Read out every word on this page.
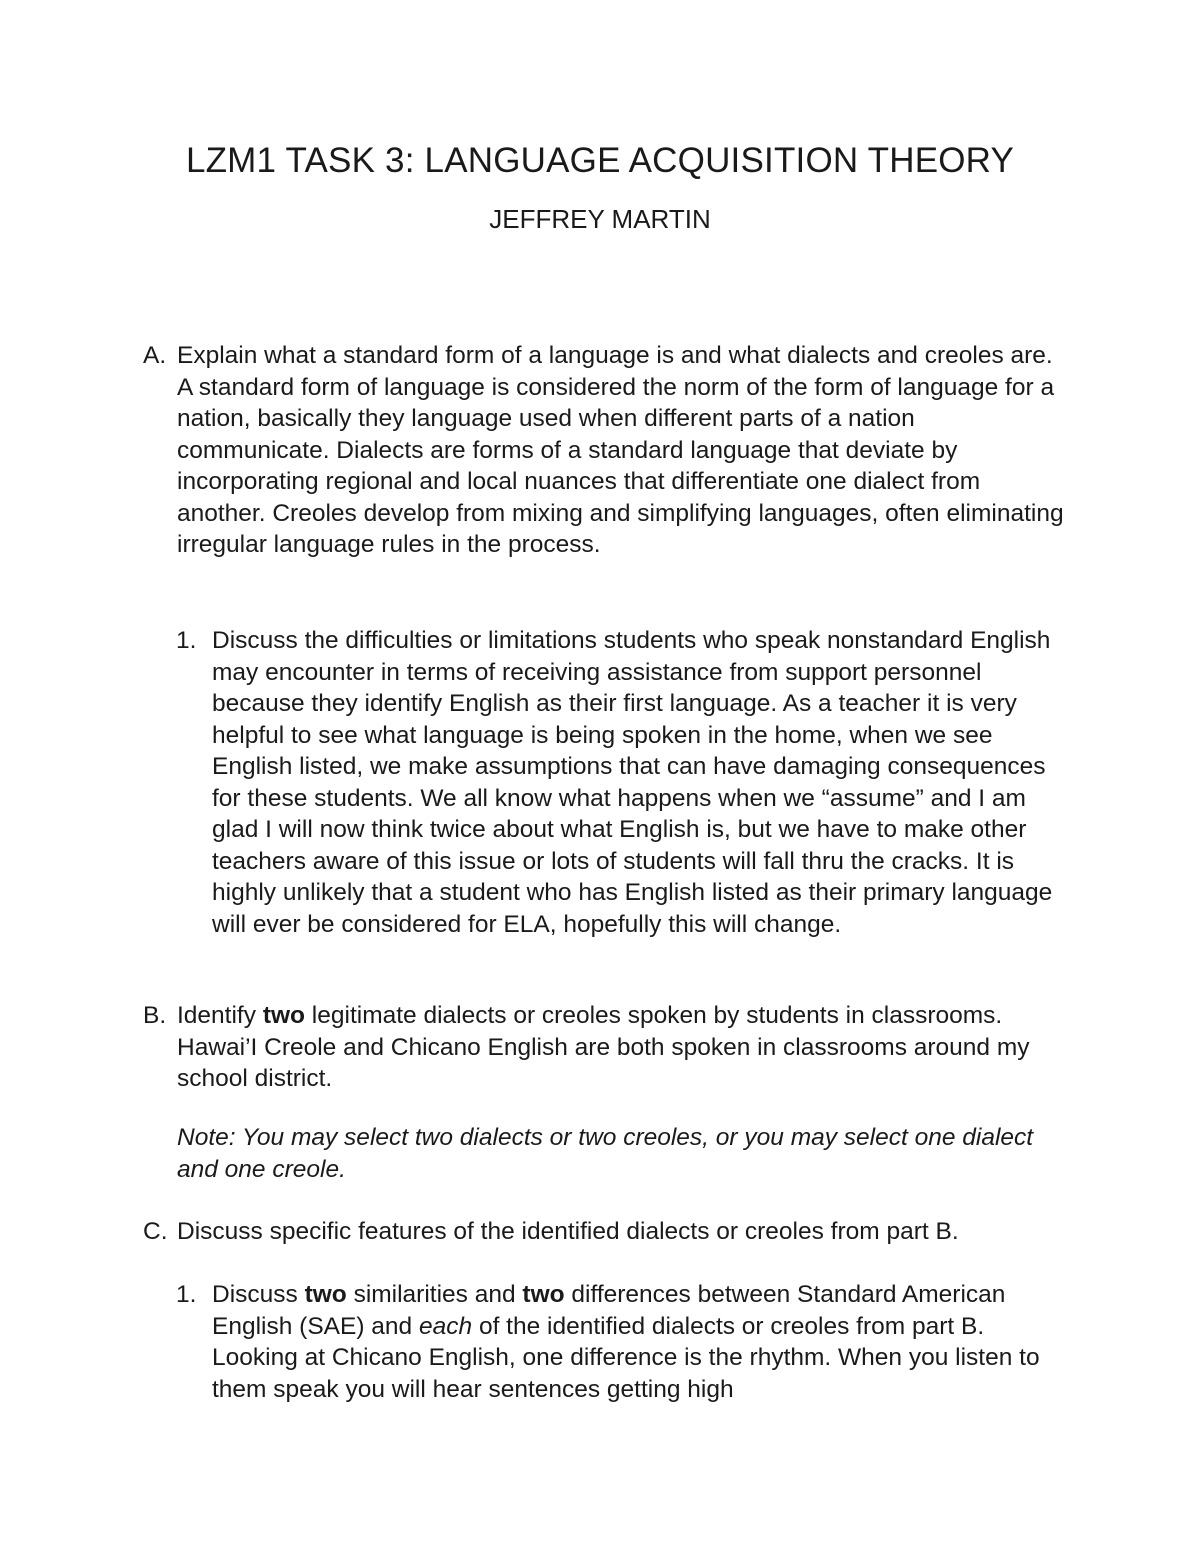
LZM1 TASK 3: LANGUAGE ACQUISITION THEORY
JEFFREY MARTIN
A. Explain what a standard form of a language is and what dialects and creoles are. A standard form of language is considered the norm of the form of language for a nation, basically they language used when different parts of a nation communicate. Dialects are forms of a standard language that deviate by incorporating regional and local nuances that differentiate one dialect from another. Creoles develop from mixing and simplifying languages, often eliminating irregular language rules in the process.
1. Discuss the difficulties or limitations students who speak nonstandard English may encounter in terms of receiving assistance from support personnel because they identify English as their first language. As a teacher it is very helpful to see what language is being spoken in the home, when we see English listed, we make assumptions that can have damaging consequences for these students. We all know what happens when we “assume” and I am glad I will now think twice about what English is, but we have to make other teachers aware of this issue or lots of students will fall thru the cracks. It is highly unlikely that a student who has English listed as their primary language will ever be considered for ELA, hopefully this will change.
B. Identify two legitimate dialects or creoles spoken by students in classrooms. Hawai’I Creole and Chicano English are both spoken in classrooms around my school district.
Note: You may select two dialects or two creoles, or you may select one dialect and one creole.
C. Discuss specific features of the identified dialects or creoles from part B.
1. Discuss two similarities and two differences between Standard American English (SAE) and each of the identified dialects or creoles from part B. Looking at Chicano English, one difference is the rhythm. When you listen to them speak you will hear sentences getting high
